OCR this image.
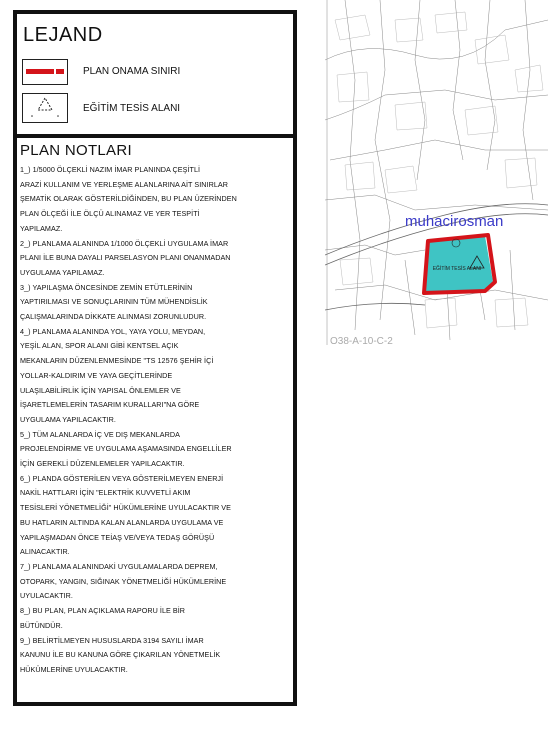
LEJAND
PLAN ONAMA SINIRI
EĞİTİM TESİS ALANI
PLAN NOTLARI

1_) 1/5000 ÖLÇEKLİ NAZIM İMAR PLANINDA ÇEŞİTLİ
ARAZİ KULLANIM VE YERLEŞME ALANLARINA AİT SINIRLAR
ŞEMATİK OLARAK GÖSTERİLDİĞİNDEN, BU PLAN ÜZERİNDEN
PLAN ÖLÇEĞİ İLE ÖLÇÜ ALINAMAZ VE YER TESPİTİ
YAPILAMAZ.

2_) PLANLAMA ALANINDA 1/1000 ÖLÇEKLİ UYGULAMA İMAR
PLANI İLE BUNA DAYALI PARSELASYON PLANI ONANMADAN
UYGULAMA YAPILAMAZ.

3_) YAPILAŞMA ÖNCESİNDE ZEMİN ETÜTLERİNİN
YAPTIRILMASI VE SONUÇLARININ TÜM MÜHENDİSLİK
ÇALIŞMALARINDA DİKKATE ALINMASI ZORUNLUDUR.

4_) PLANLAMA ALANINDA YOL, YAYA YOLU, MEYDAN,
YEŞİL ALAN, SPOR ALANI GİBİ KENTSEL AÇIK
MEKANLARIN DÜZENLENMESİNDE "TS 12576 ŞEHİR İÇİ
YOLLAR-KALDIRIM VE YAYA GEÇİTLERİNDE
ULAŞILABİLİRLİK İÇİN YAPISAL ÖNLEMLER VE
İŞARETLEMELERİN TASARIM KURALLARI"NA GÖRE
UYGULAMA YAPILACAKTIR.

5_) TÜM ALANLARDA İÇ VE DIŞ MEKANLARDA
PROJELENDİRME VE UYGULAMA AŞAMASINDA ENGELLİLER
İÇİN GEREKLİ DÜZENLEMELER YAPILACAKTIR.

6_) PLANDA GÖSTERİLEN VEYA GÖSTERİLMEYEN ENERJİ
NAKİL HATTLARI İÇİN "ELEKTRİK KUVVETLİ AKIM
TESİSLERİ YÖNETMELİĞİ" HÜKÜMLERİNE UYULACAKTIR VE
BU HATLARIN ALTINDA KALAN ALANLARDA UYGULAMA VE
YAPILAŞMADAN ÖNCE TEİAŞ VE/VEYA TEDAŞ GÖRÜŞÜ
ALINACAKTIR.

7_) PLANLAMA ALANINDAKİ UYGULAMALARDA DEPREM,
OTOPARK, YANGIN, SIĞINAK YÖNETMELİĞİ HÜKÜMLERİNE
UYULACAKTIR.

8_) BU PLAN, PLAN AÇIKLAMA RAPORU İLE BİR
BÜTÜNDÜR.

9_) BELİRTİLMEYEN HUSUSLARDA 3194 SAYILI İMAR
KANUNU İLE BU KANUNA GÖRE ÇIKARILAN YÖNETMELİK
HÜKÜMLERİNE UYULACAKTIR.

EĞİTİM TESİS ALANI
muhacirosman
O38-A-10-C-2
